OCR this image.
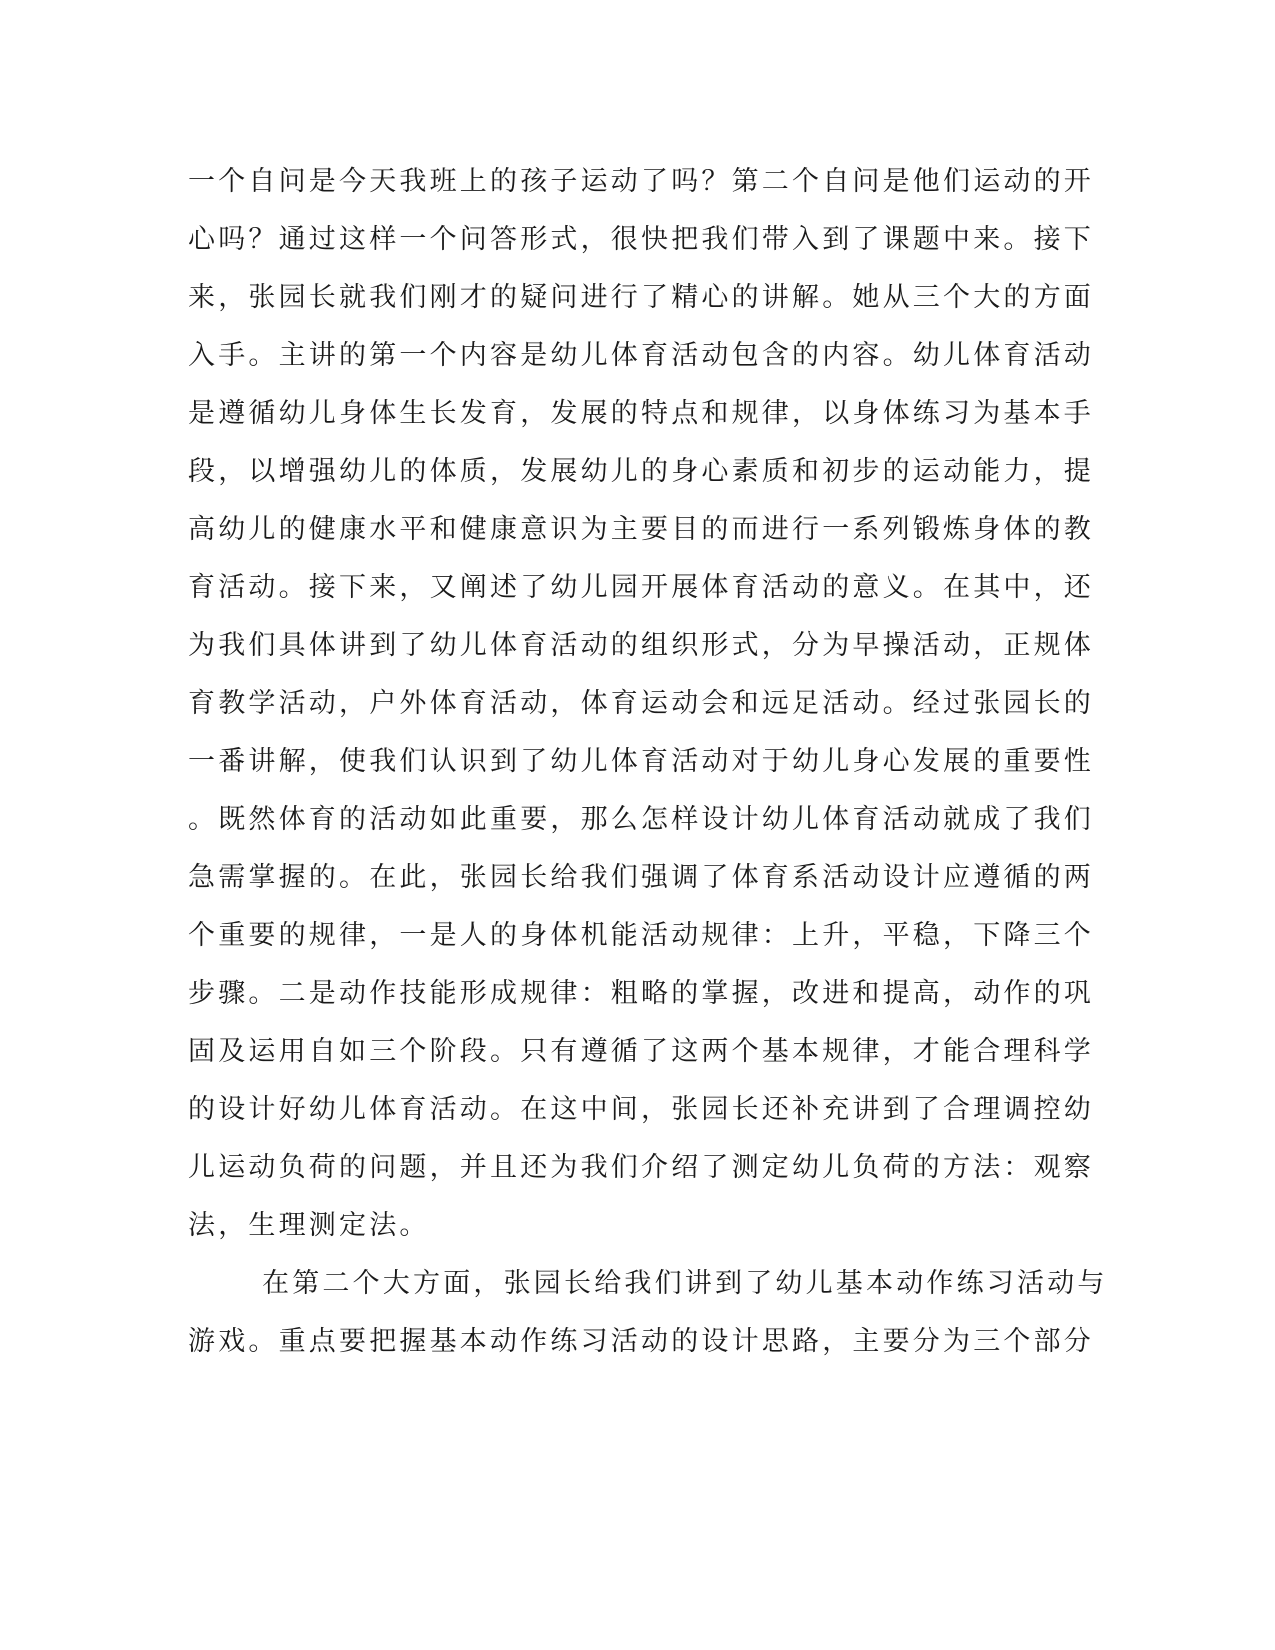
一个自问是今天我班上的孩子运动了吗？第二个自问是他们运动的开
心吗？通过这样一个问答形式，很快把我们带入到了课题中来。接下
来，张园长就我们刚才的疑问进行了精心的讲解。她从三个大的方面
入手。主讲的第一个内容是幼儿体育活动包含的内容。幼儿体育活动
是遵循幼儿身体生长发育，发展的特点和规律，以身体练习为基本手
段，以增强幼儿的体质，发展幼儿的身心素质和初步的运动能力，提
高幼儿的健康水平和健康意识为主要目的而进行一系列锻炼身体的教
育活动。接下来，又阐述了幼儿园开展体育活动的意义。在其中，还
为我们具体讲到了幼儿体育活动的组织形式，分为早操活动，正规体
育教学活动，户外体育活动，体育运动会和远足活动。经过张园长的
一番讲解，使我们认识到了幼儿体育活动对于幼儿身心发展的重要性
。既然体育的活动如此重要，那么怎样设计幼儿体育活动就成了我们
急需掌握的。在此，张园长给我们强调了体育系活动设计应遵循的两
个重要的规律，一是人的身体机能活动规律：上升，平稳，下降三个
步骤。二是动作技能形成规律：粗略的掌握，改进和提高，动作的巩
固及运用自如三个阶段。只有遵循了这两个基本规律，才能合理科学
的设计好幼儿体育活动。在这中间，张园长还补充讲到了合理调控幼
儿运动负荷的问题，并且还为我们介绍了测定幼儿负荷的方法：观察
法，生理测定法。
在第二个大方面，张园长给我们讲到了幼儿基本动作练习活动与
游戏。重点要把握基本动作练习活动的设计思路，主要分为三个部分
